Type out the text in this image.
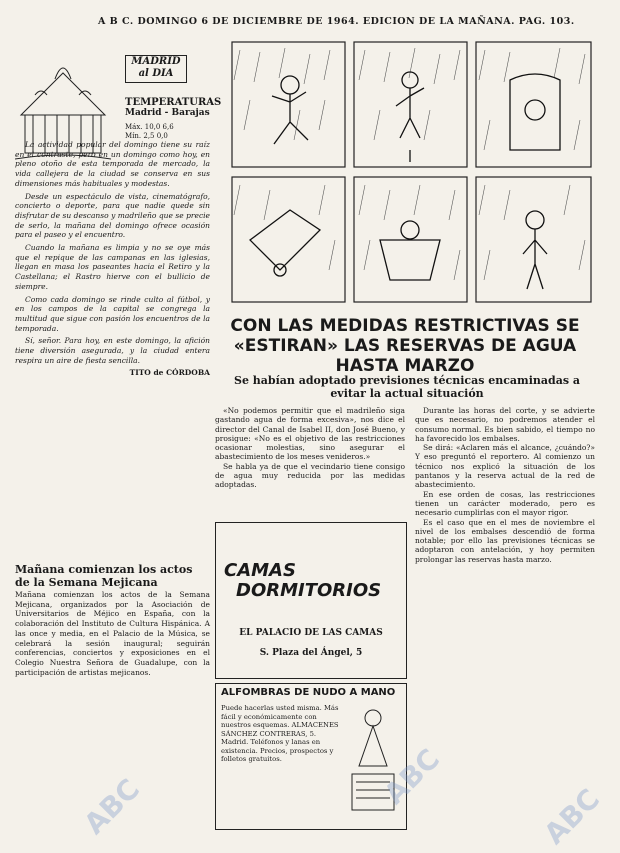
A B C. DOMINGO 6 DE DICIEMBRE DE 1964. EDICION DE LA MAÑANA. PAG. 103.
MADRID
al DIA
TEMPERATURAS
Madrid - Barajas
Máx. 10,0 6,6
Mín. 2,5 0,0

La actividad popular del domingo tiene su raíz en el contraste, pero en un domingo como hoy, en pleno otoño de esta temporada de mercado, la vida callejera de la ciudad se conserva en sus dimensiones más habituales y modestas.

Desde un espectáculo de vista, cinematógrafo, concierto o deporte, para que nadie quede sin disfrutar de su descanso y madrileño que se precie de serlo, la mañana del domingo ofrece ocasión para el paseo y el encuentro.

Cuando la mañana es limpia y no se oye más que el repique de las campanas en las iglesias, llegan en masa los paseantes hacia el Retiro y la Castellana; el Rastro hierve con el bullicio de siempre.

Como cada domingo se rinde culto al fútbol, y en los campos de la capital se congrega la multitud que sigue con pasión los encuentros de la temporada.

Sí, señor. Para hoy, en este domingo, la afición tiene diversión asegurada, y la ciudad entera respira un aire de fiesta sencilla.

TITO de CÓRDOBA

Mañana comienzan los actos de la Semana Mejicana
Mañana comienzan los actos de la Semana Mejicana, organizados por la Asociación de Universitarios de Méjico en España, con la colaboración del Instituto de Cultura Hispánica. A las once y media, en el Palacio de la Música, se celebrará la sesión inaugural; seguirán conferencias, conciertos y exposiciones en el Colegio Nuestra Señora de Guadalupe, con la participación de artistas mejicanos.
CON LAS MEDIDAS RESTRICTIVAS SE «ESTIRAN» LAS RESERVAS DE AGUA HASTA MARZO
Se habían adoptado previsiones técnicas encaminadas a evitar la actual situación

«No podemos permitir que el madrileño siga gastando agua de forma excesiva», nos dice el director del Canal de Isabel II, don José Bueno, y prosigue: «No es el objetivo de las restricciones ocasionar molestias, sino asegurar el abastecimiento de los meses venideros.»

Se habla ya de que el vecindario tiene consigo de agua muy reducida por las medidas adoptadas.

Durante las horas del corte, y se advierte que es necesario, no podremos atender el consumo normal. Es bien sabido, el tiempo no ha favorecido los embalses.

Se dirá: «Aclaren más el alcance, ¿cuándo?» Y eso preguntó el reportero. Al comienzo un técnico nos explicó la situación de los pantanos y la reserva actual de la red de abastecimiento.

En ese orden de cosas, las restricciones tienen un carácter moderado, pero es necesario cumplirlas con el mayor rigor.

Es el caso que en el mes de noviembre el nivel de los embalses descendió de forma notable; por ello las previsiones técnicas se adoptaron con antelación, y hoy permiten prolongar las reservas hasta marzo.

CAMAS
DORMITORIOS
EL PALACIO DE LAS CAMAS
S. Plaza del Ángel, 5
ALFOMBRAS DE NUDO A MANO
Puede hacerlas usted misma. Más fácil y económicamente con nuestros esquemas. ALMACENES SÁNCHEZ CONTRERAS, 5. Madrid. Teléfonos y lanas en existencia. Precios, prospectos y folletos gratuitos.
ABC	ABC
ABC
